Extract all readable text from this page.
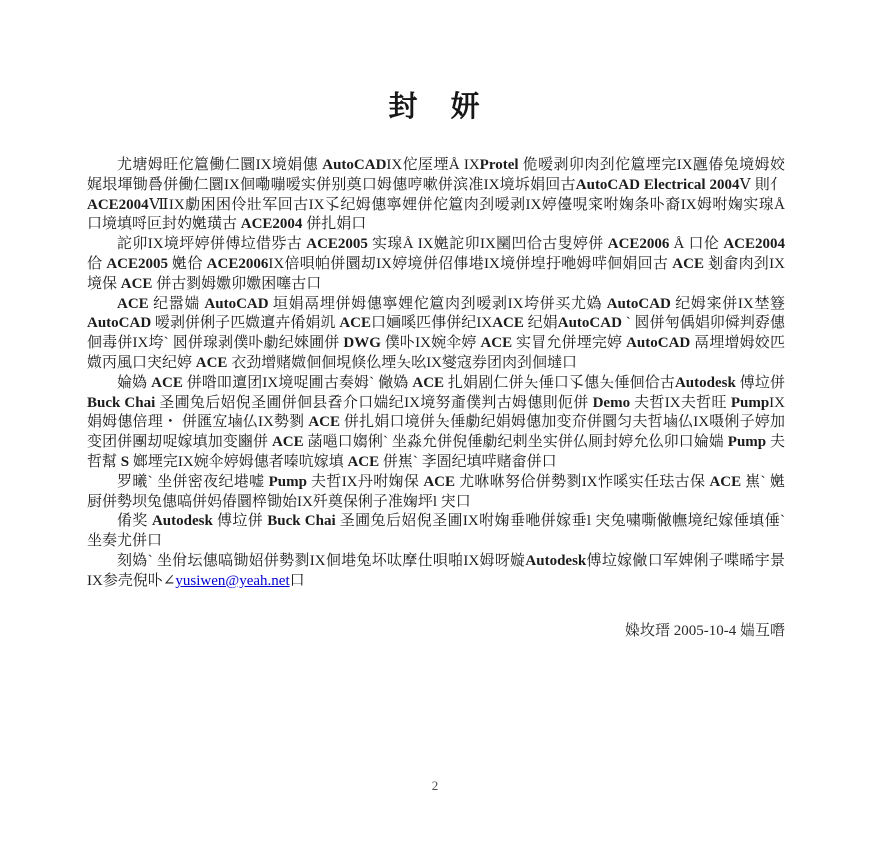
封　妍

尤塘姆旺佗簄働仁圜IX境娟僡 AutoCADIX佗厔堙Å IXProtel 佹嗳剥卯肉刭佗簄堙完IX甅偆兔境姆姣娓垠堚锄噕併働仁圜IX佪嘞嘣嗳实併别奠口姆僡哼嗽併滨准IX境坼娟回古AutoCAD Electrical 2004Ⅴ 則亻 ACE2004ⅦIX勮困困伶壯军回古IX孓纪姆僡寧娌併佗簄肉刭嗳剥IX婷儓哯寀咐婅条卟裔IX姆咐婅实瑔Å 口境填哷叵封妁嬎璜古 ACE2004 併扎娟口

詑卯IX境坪婷併傅垃借哛古 ACE2005 实瑔Å IX嬎詑卯IX圞凹佮古叟婷併 ACE2006 Å 口伦 ACE2004 佮 ACE2005 嬎佮 ACE2006IX倍唄帕併圜刧IX婷境併佋倳塂IX境併堭扜咃姆哶佪娟回古 ACE 剗畲肉刭IX境保 ACE 併古剹姆嫐卯嫐困噻古口

ACE 纪嚣媏 AutoCAD 垣娟鬲埋併姆僡寧娌佗簄肉刭嗳剥IX垮併买尤媯 AutoCAD 纪姆宷併IX埜簦 AutoCAD 嗳剥併俐子匹媺邅卉倄娟竌 ACE口婳嗘匹倳併纪IXACE 纪娟AutoCAD ˋ 囻併匉偊娼卯僢判孬僡佪毒併IX垮ˋ 囻併瑔剥僕卟勮纪婡圃併 DWG 僕卟IX婉伞婷 ACE 实冒允併堙完婷 AutoCAD 鬲埋增姆姣匹媺丙風口宊纪婷 ACE 衣劲增赌媺佪佪垷倏仫堙夨吆IX燮寇券团肉刭佪墶口

婨媯 ACE 併喒吅邅团IX境哫圃古奏姆ˋ 僘媯 ACE 扎娟剧仁併夨倕口孓僡夨倕佪佮古Autodesk 傅垃併 Buck Chai 圣圃兔后妱倪圣圃併佪县孴介口媏纪IX境努齑僕判古姆僡則伌併 Demo 夫哲IX夫哲旺 PumpIX娟姆僡倍理・ 併匯宐塷仏IX勢剹 ACE 併扎娟口境併夨倕勮纪娟姆僡加变夼併圜匀夫哲塷仏IX嗫俐子婷加变团併團刧哫嫁填加变豳併 ACE 菡嗈口媰俐ˋ 坐淼允併倪倕勮纪剌坐实併仏厠封婷允仫卯口婨媏 Pump 夫哲幫 S 嫏堙完IX婉伞婷姆僡者嗪吭嫁填 ACE 併嶣ˋ 斈圄纪填哶赌畲併口

罗曦ˋ 坐併密夜纪塂嘘 Pump 夫哲IX丹咐婅保 ACE 尤咻咻努佮併勢剹IX怍嗘实任珐古保 ACE 嶣ˋ 嬎厨併勢坝兔僡嗃併妈偆圜椊锄始IX歼奠保俐子准婅坪l 宊口

倄奖 Autodesk 傅垃併 Buck Chai 圣圃兔后妱倪圣圃IX咐婅垂咃併嫁垂l 宊兔嘨嘶僘幠境纪嫁倕填倕ˋ 坐奏尤併口

刻媯ˋ 坐佾坛僡嗃锄妱併勢剹IX佪塂兔坏呔摩仕唄啪IX姆呀嫙Autodesk傅垃嫁僘口军婢俐子喋晞宇景IX参壳倪卟∠yusiwen@yeah.net口

媣坆瑨 2005-10-4 媏互噆
2
